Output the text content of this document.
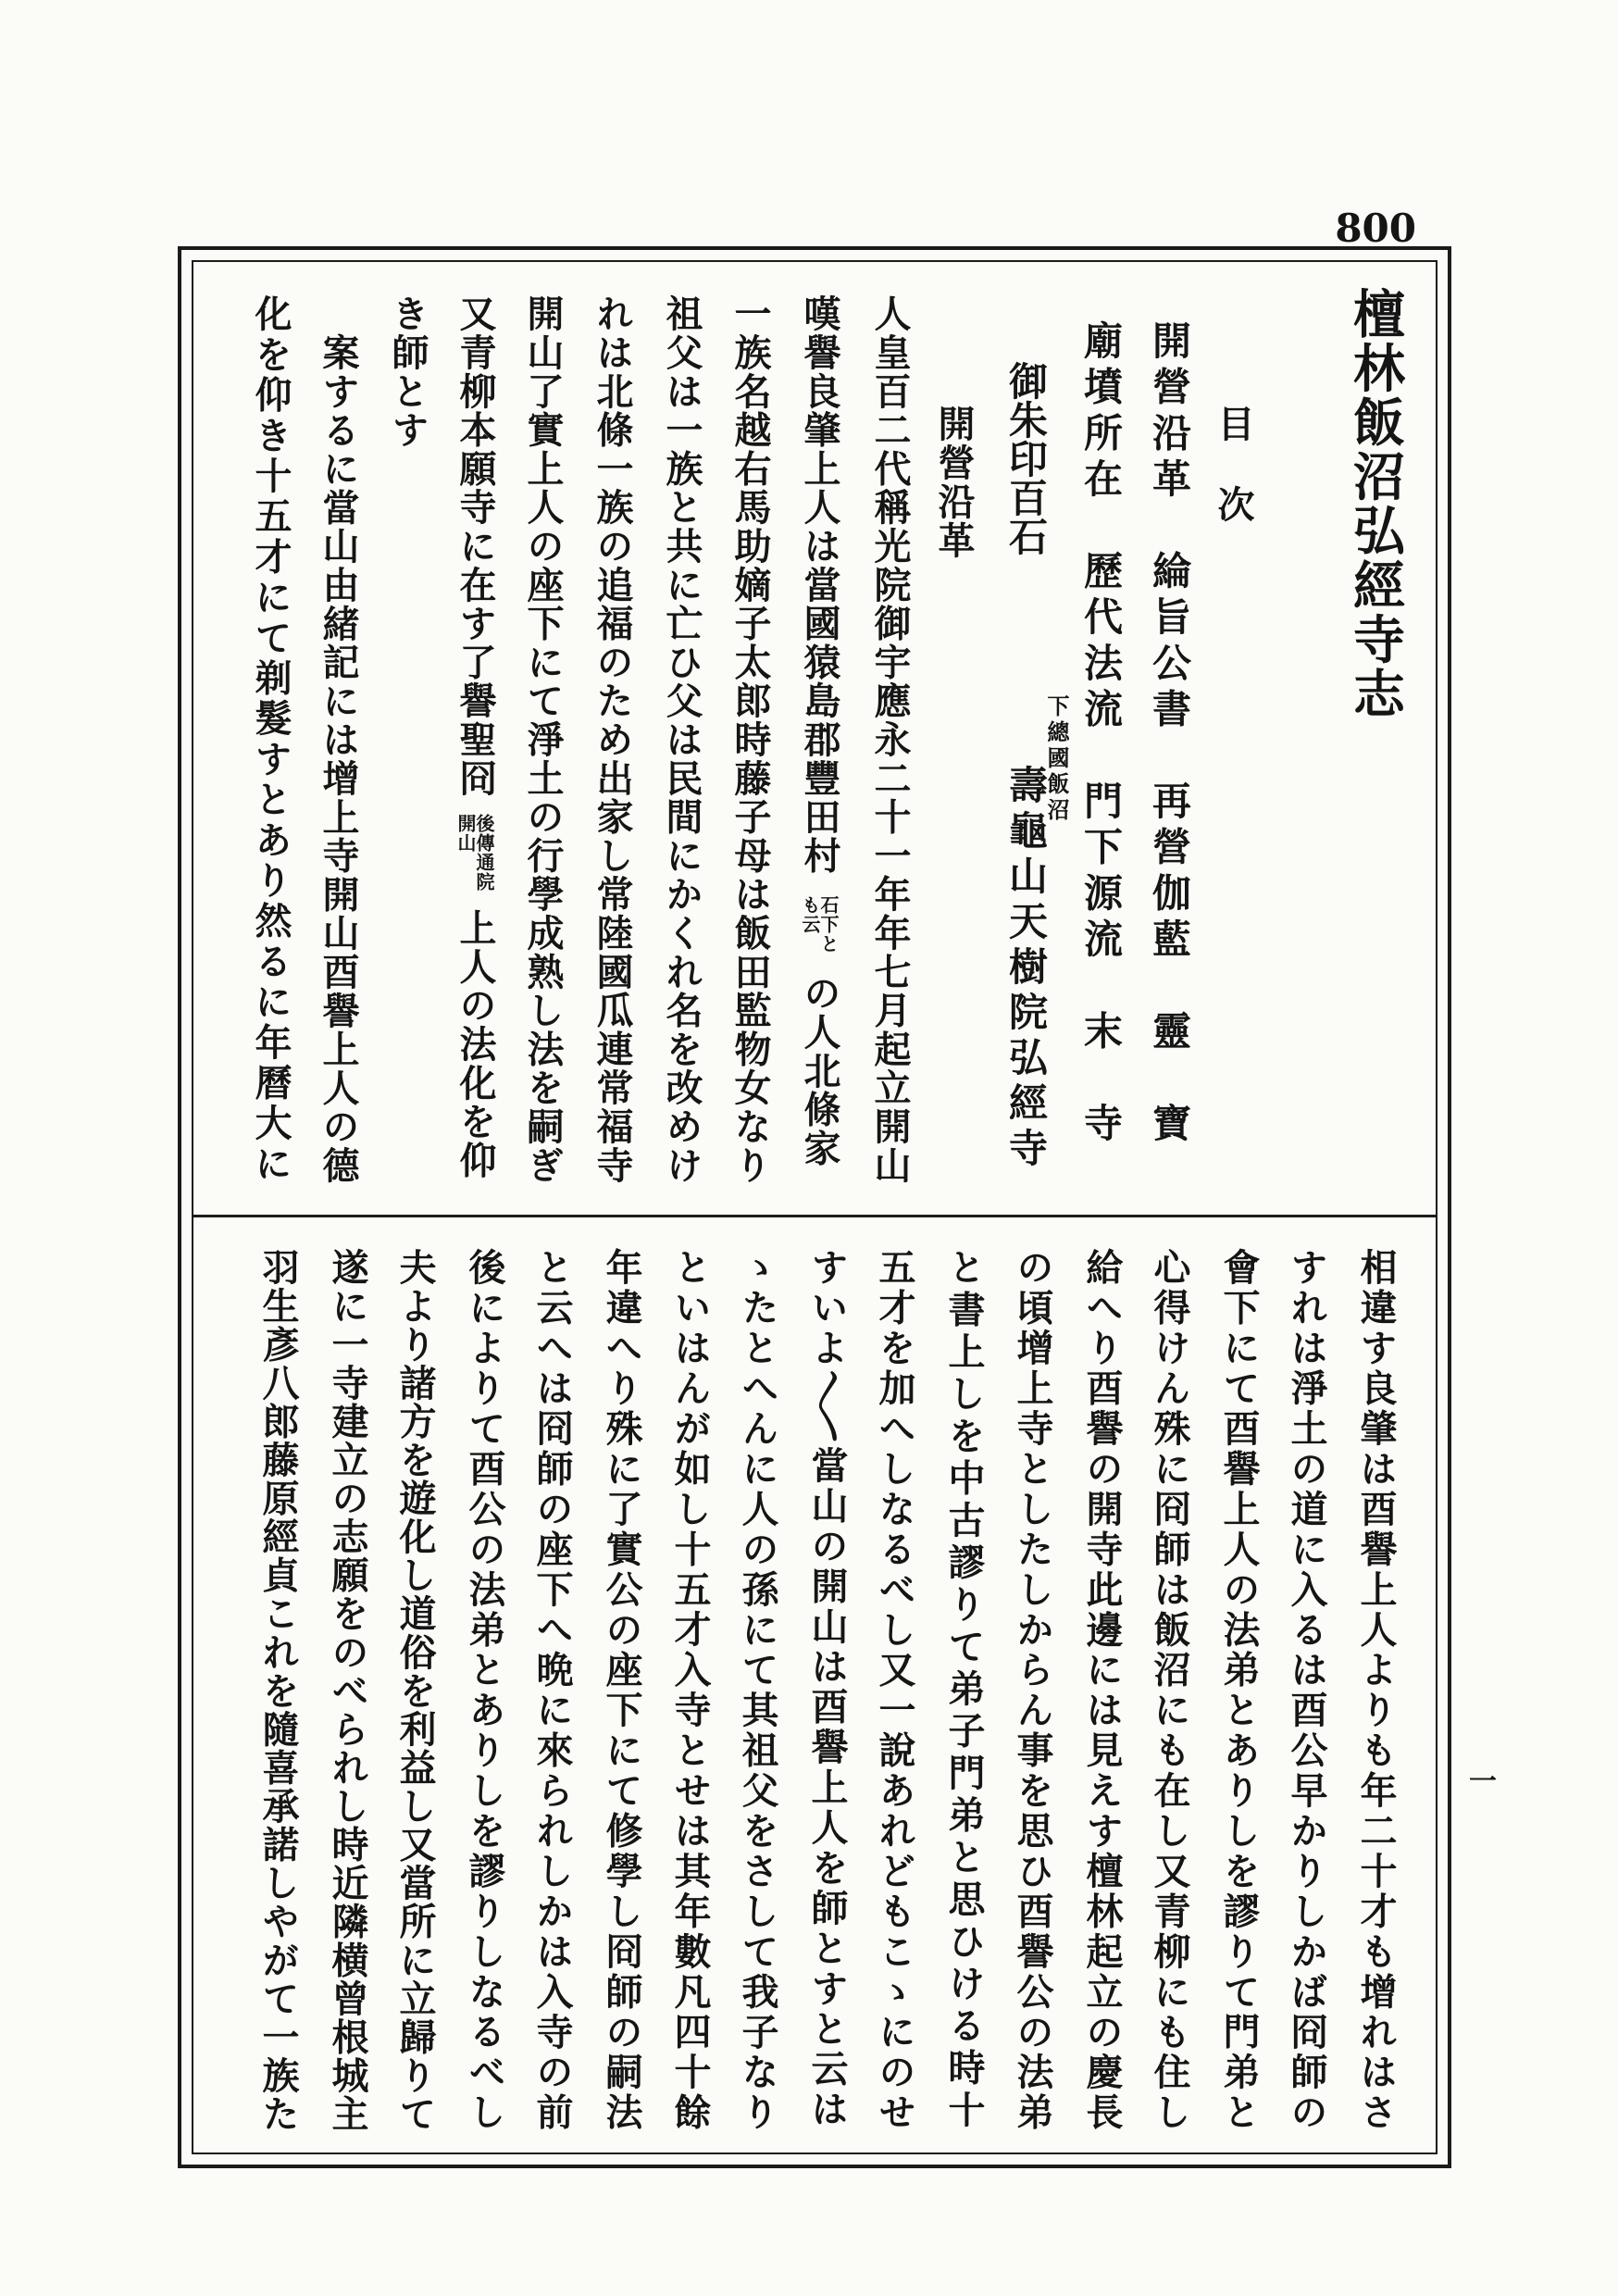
800
一
檀林飯沼弘經寺志
目　次
開營沿革　綸旨公書　再營伽藍　靈　寶
廟墳所在　歷代法流　門下源流　末　寺
御朱印百石
下總國飯沼
壽龜山天樹院弘經寺
開營沿革
人皇百二代稱光院御宇應永二十一年年七月起立開山
嘆譽良肇上人は當國猿島郡豐田村
石下と
も云
の人北條家
一族名越右馬助嫡子太郎時藤子母は飯田監物女なり
祖父は一族と共に亡ひ父は民間にかくれ名を改めけ
れは北條一族の追福のため出家し常陸國瓜連常福寺
開山了實上人の座下にて淨土の行學成熟し法を嗣ぎ
又青柳本願寺に在す了譽聖冏
後傳通院
開山
上人の法化を仰
き師とす
案するに當山由緒記には增上寺開山酉譽上人の德
化を仰き十五才にて剃髮すとあり然るに年曆大に
相違す良肇は酉譽上人よりも年二十才も增れはさ
すれは淨土の道に入るは酉公早かりしかば冏師の
會下にて酉譽上人の法弟とありしを謬りて門弟と
心得けん殊に冏師は飯沼にも在し又青柳にも住し
給へり酉譽の開寺此邊には見えす檀林起立の慶長
の頃增上寺としたしからん事を思ひ酉譽公の法弟
と書上しを中古謬りて弟子門弟と思ひける時十
五才を加へしなるべし又一說あれどもこゝにのせ
すいよ〳〵當山の開山は酉譽上人を師とすと云は
ゝたとへんに人の孫にて其祖父をさして我子なり
といはんが如し十五才入寺とせは其年數凡四十餘
年違へり殊に了實公の座下にて修學し冏師の嗣法
と云へは冏師の座下へ晩に來られしかは入寺の前
後によりて酉公の法弟とありしを謬りしなるべし
夫より諸方を遊化し道俗を利益し又當所に立歸りて
遂に一寺建立の志願をのべられし時近隣横曾根城主
羽生彥八郎藤原經貞これを隨喜承諾しやがて一族た
